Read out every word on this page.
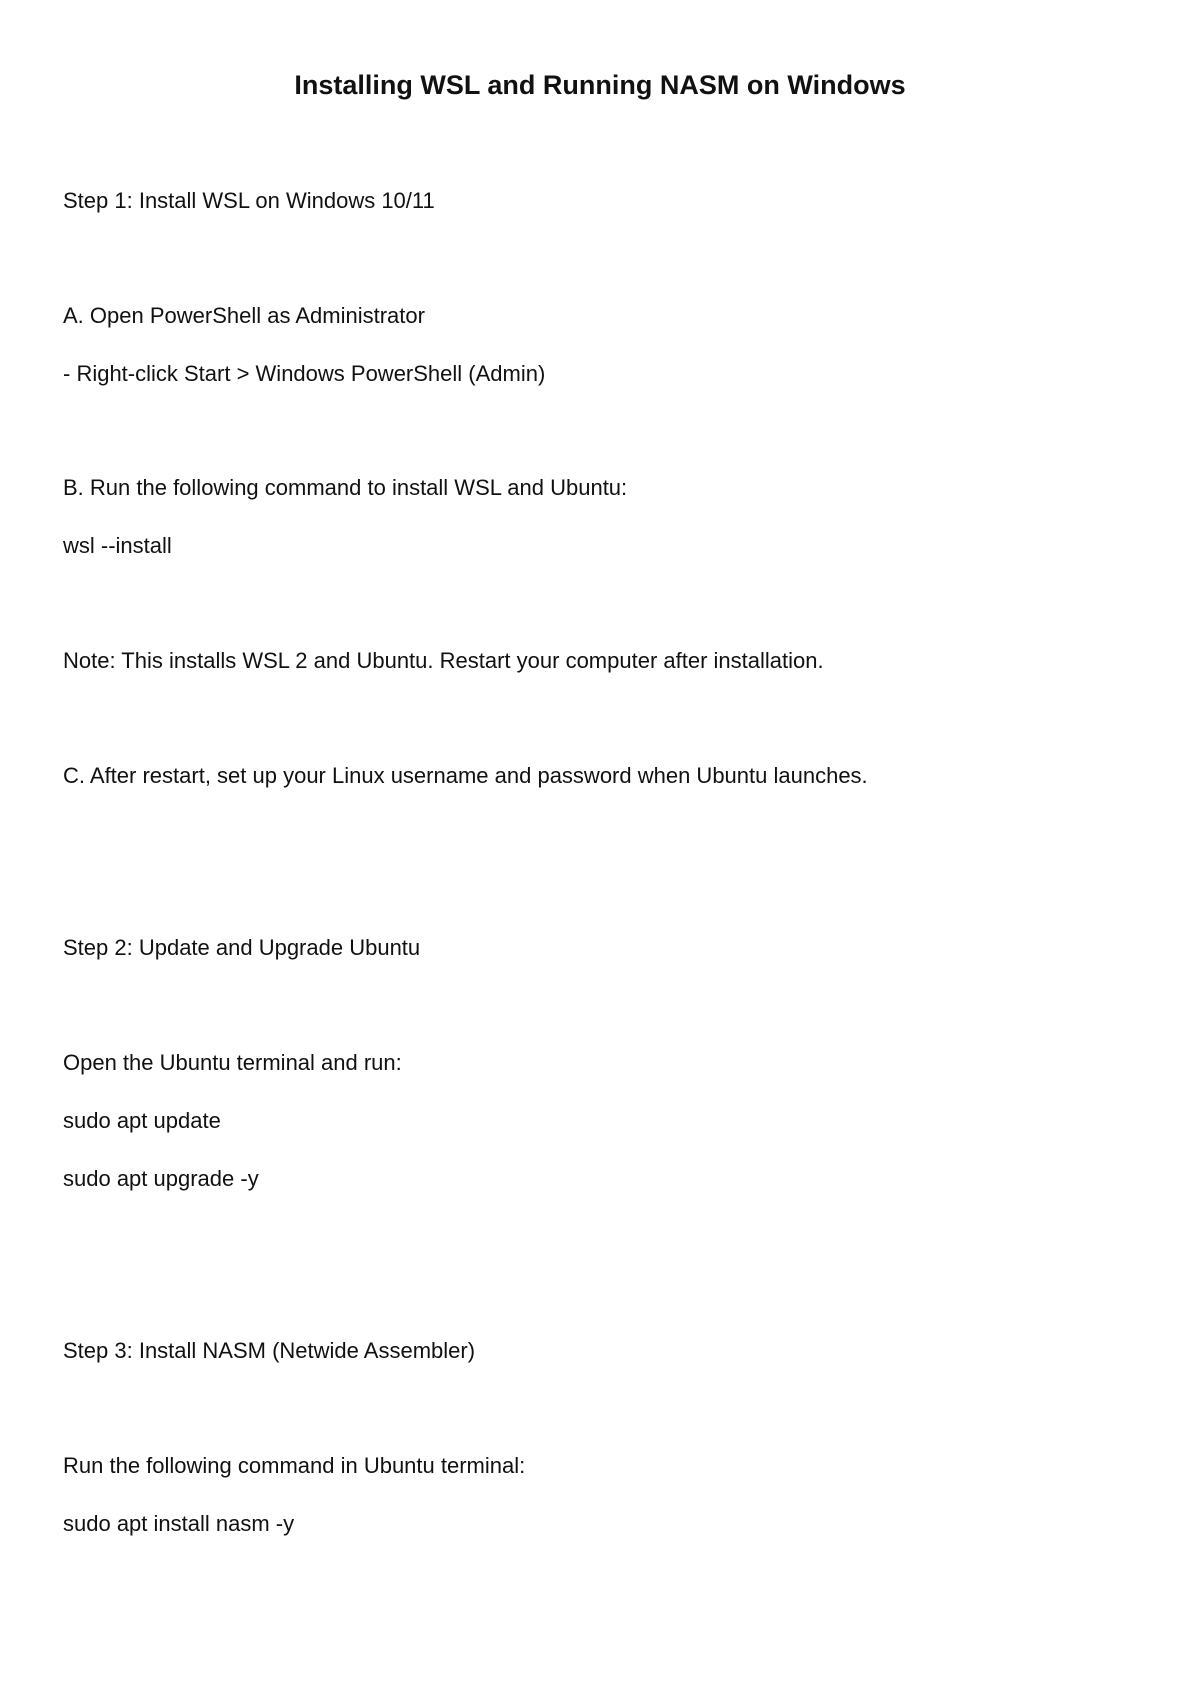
Installing WSL and Running NASM on Windows

Step 1: Install WSL on Windows 10/11

A. Open PowerShell as Administrator

- Right-click Start > Windows PowerShell (Admin)

B. Run the following command to install WSL and Ubuntu:

wsl --install

Note: This installs WSL 2 and Ubuntu. Restart your computer after installation.

C. After restart, set up your Linux username and password when Ubuntu launches.

Step 2: Update and Upgrade Ubuntu

Open the Ubuntu terminal and run:

sudo apt update

sudo apt upgrade -y

Step 3: Install NASM (Netwide Assembler)

Run the following command in Ubuntu terminal:

sudo apt install nasm -y
